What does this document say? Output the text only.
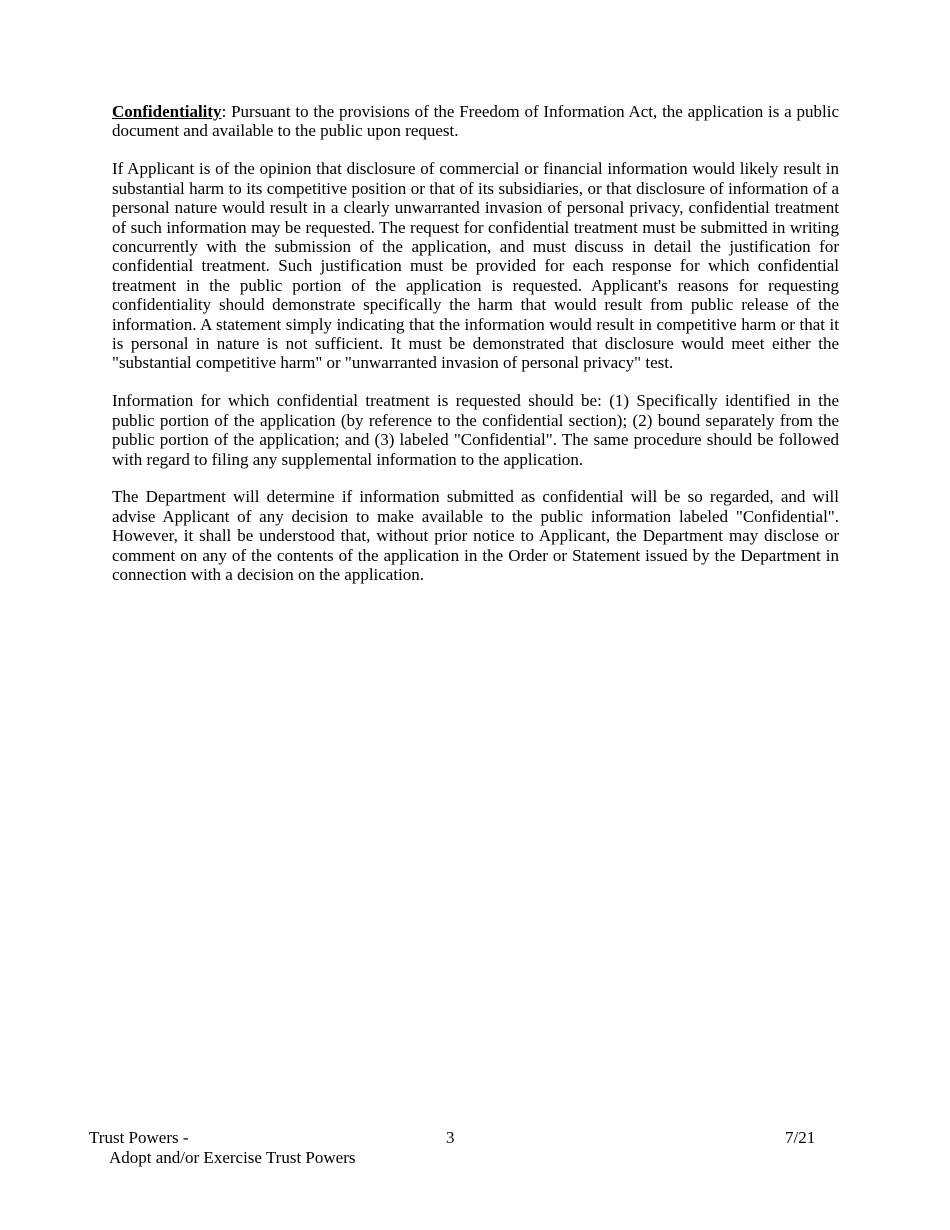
Confidentiality: Pursuant to the provisions of the Freedom of Information Act, the application is a public document and available to the public upon request.

If Applicant is of the opinion that disclosure of commercial or financial information would likely result in substantial harm to its competitive position or that of its subsidiaries, or that disclosure of information of a personal nature would result in a clearly unwarranted invasion of personal privacy, confidential treatment of such information may be requested. The request for confidential treatment must be submitted in writing concurrently with the submission of the application, and must discuss in detail the justification for confidential treatment. Such justification must be provided for each response for which confidential treatment in the public portion of the application is requested. Applicant's reasons for requesting confidentiality should demonstrate specifically the harm that would result from public release of the information. A statement simply indicating that the information would result in competitive harm or that it is personal in nature is not sufficient. It must be demonstrated that disclosure would meet either the "substantial competitive harm" or "unwarranted invasion of personal privacy" test.

Information for which confidential treatment is requested should be: (1) Specifically identified in the public portion of the application (by reference to the confidential section); (2) bound separately from the public portion of the application; and (3) labeled "Confidential". The same procedure should be followed with regard to filing any supplemental information to the application.

The Department will determine if information submitted as confidential will be so regarded, and will advise Applicant of any decision to make available to the public information labeled "Confidential". However, it shall be understood that, without prior notice to Applicant, the Department may disclose or comment on any of the contents of the application in the Order or Statement issued by the Department in connection with a decision on the application.

Trust Powers -
Adopt and/or Exercise Trust Powers
3	7/21
